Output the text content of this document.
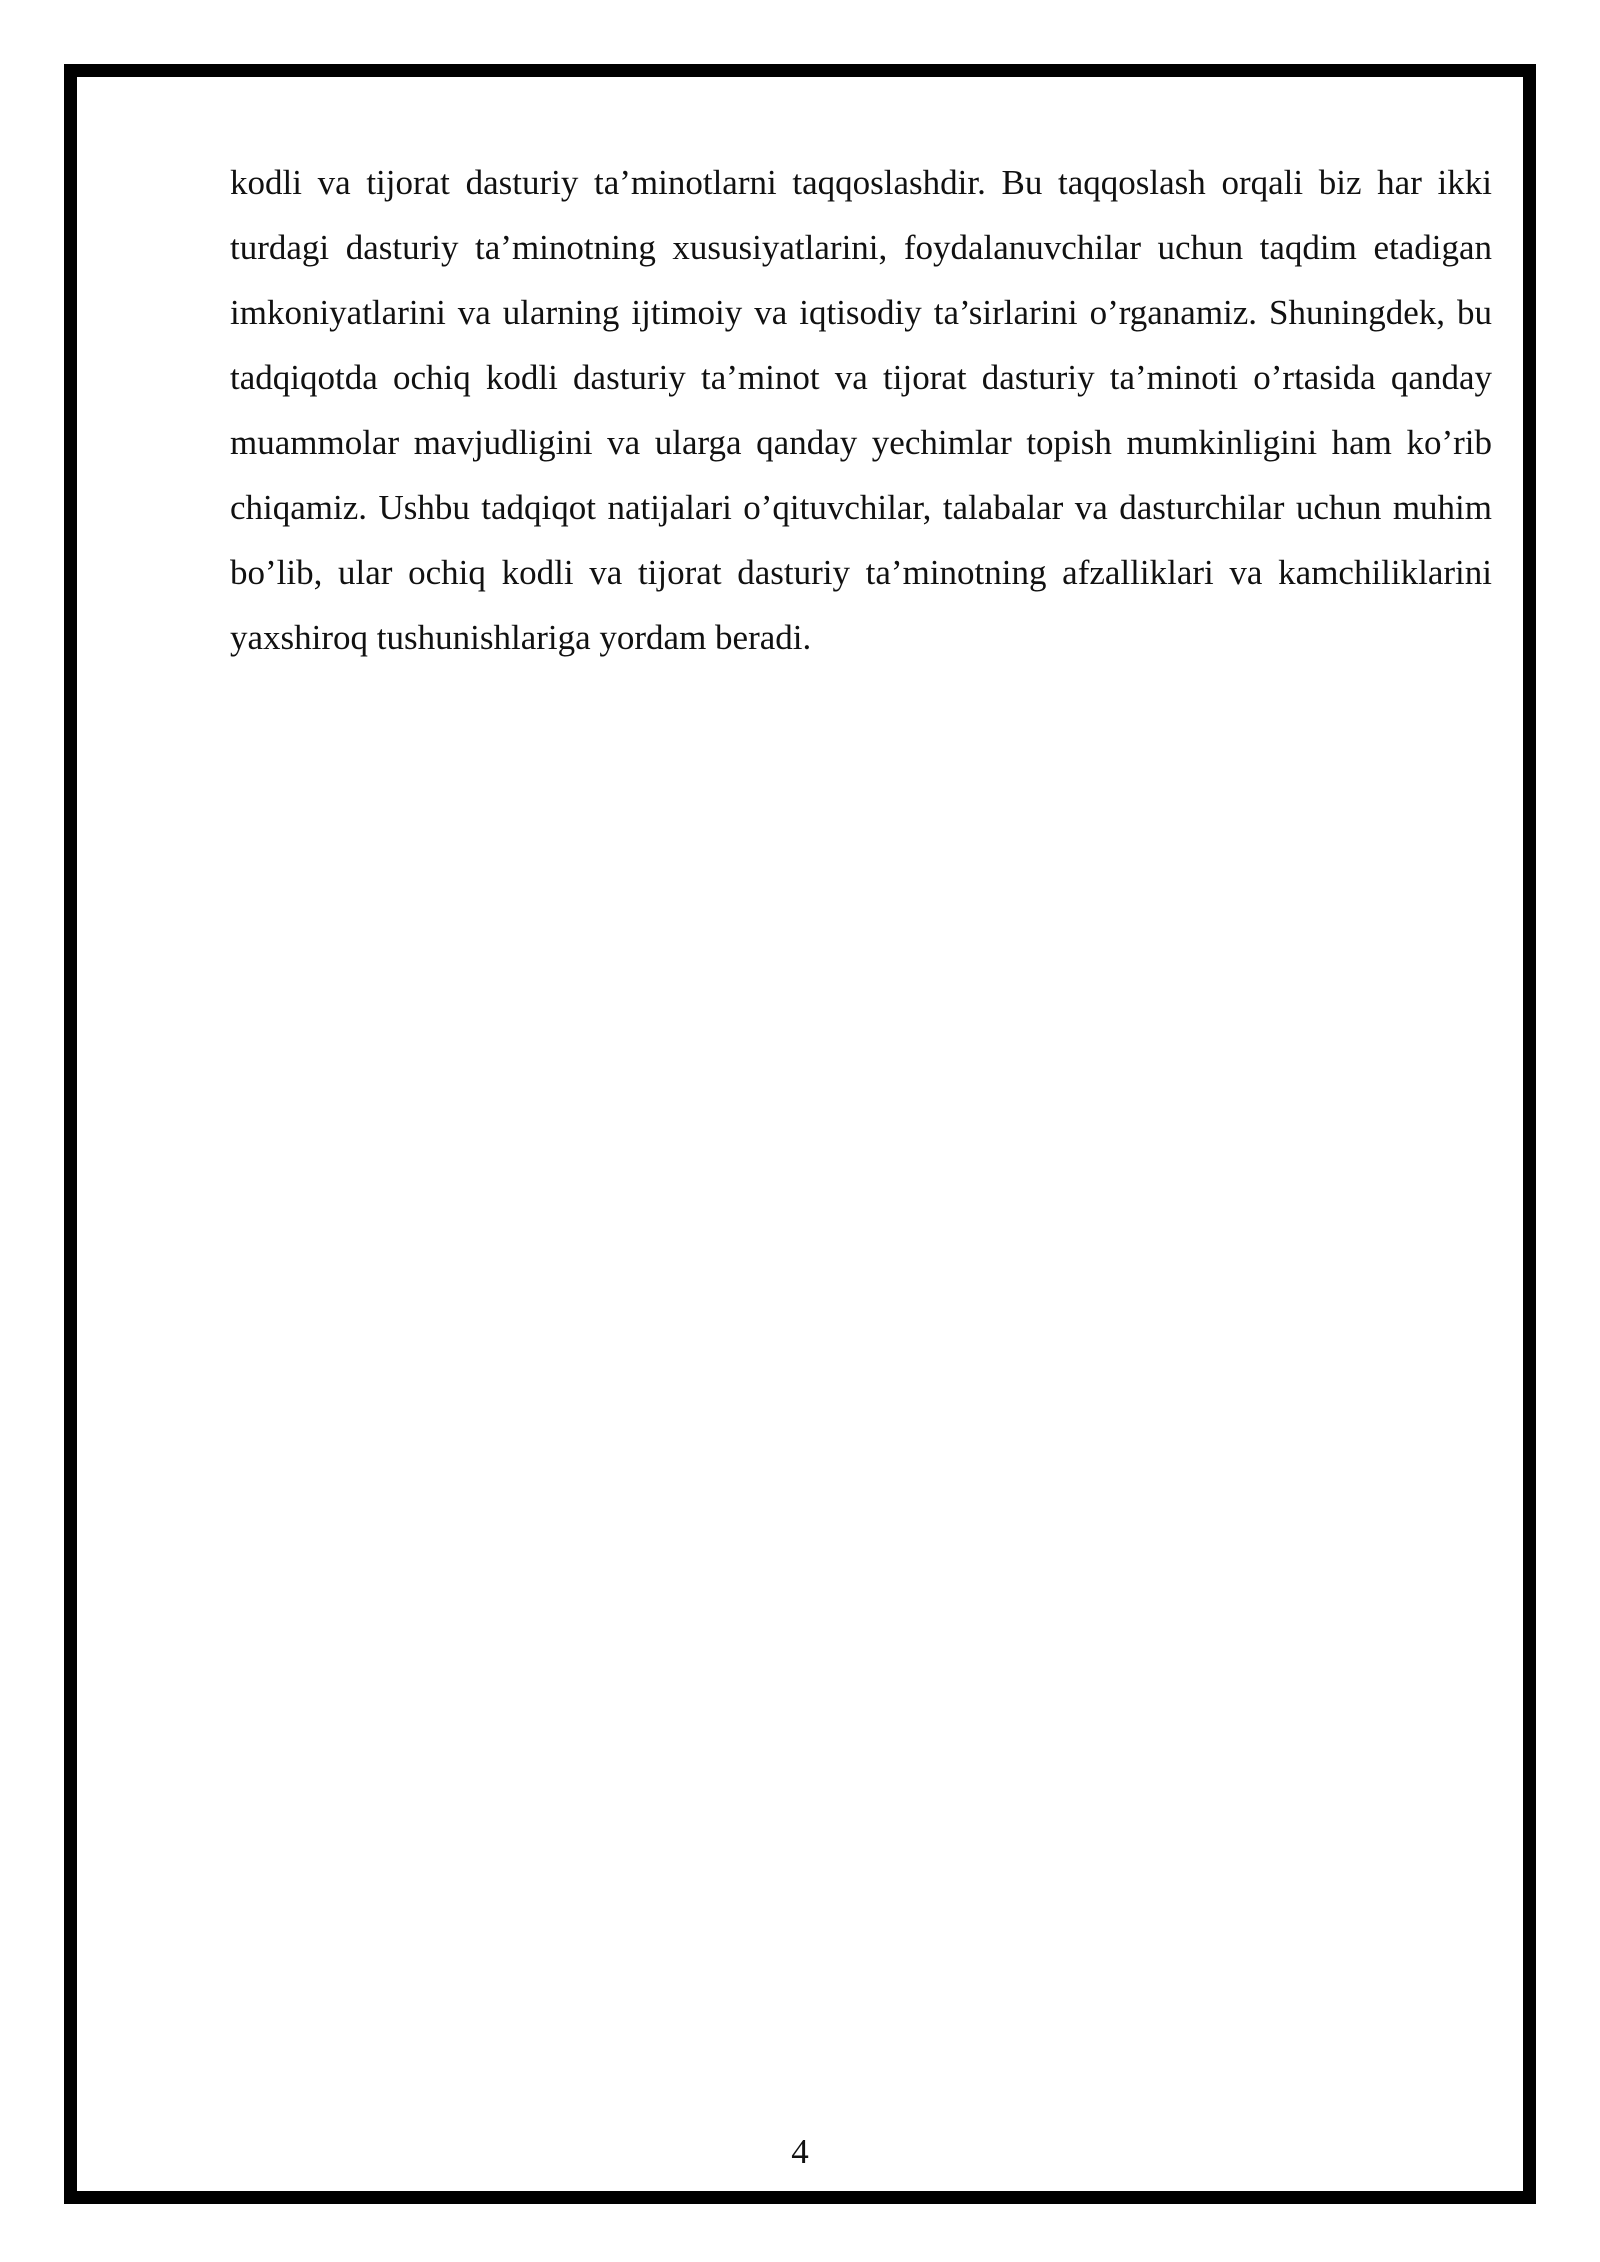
kodli va tijorat dasturiy ta’minotlarni taqqoslashdir. Bu taqqoslash orqali biz har ikki turdagi dasturiy ta’minotning xususiyatlarini, foydalanuvchilar uchun taqdim etadigan imkoniyatlarini va ularning ijtimoiy va iqtisodiy ta’sirlarini o’rganamiz. Shuningdek, bu tadqiqotda ochiq kodli dasturiy ta’minot va tijorat dasturiy ta’minoti o’rtasida qanday muammolar mavjudligini va ularga qanday yechimlar topish mumkinligini ham ko’rib chiqamiz. Ushbu tadqiqot natijalari o’qituvchilar, talabalar va dasturchilar uchun muhim bo’lib, ular ochiq kodli va tijorat dasturiy ta’minotning afzalliklari va kamchiliklarini yaxshiroq tushunishlariga yordam beradi.

4
